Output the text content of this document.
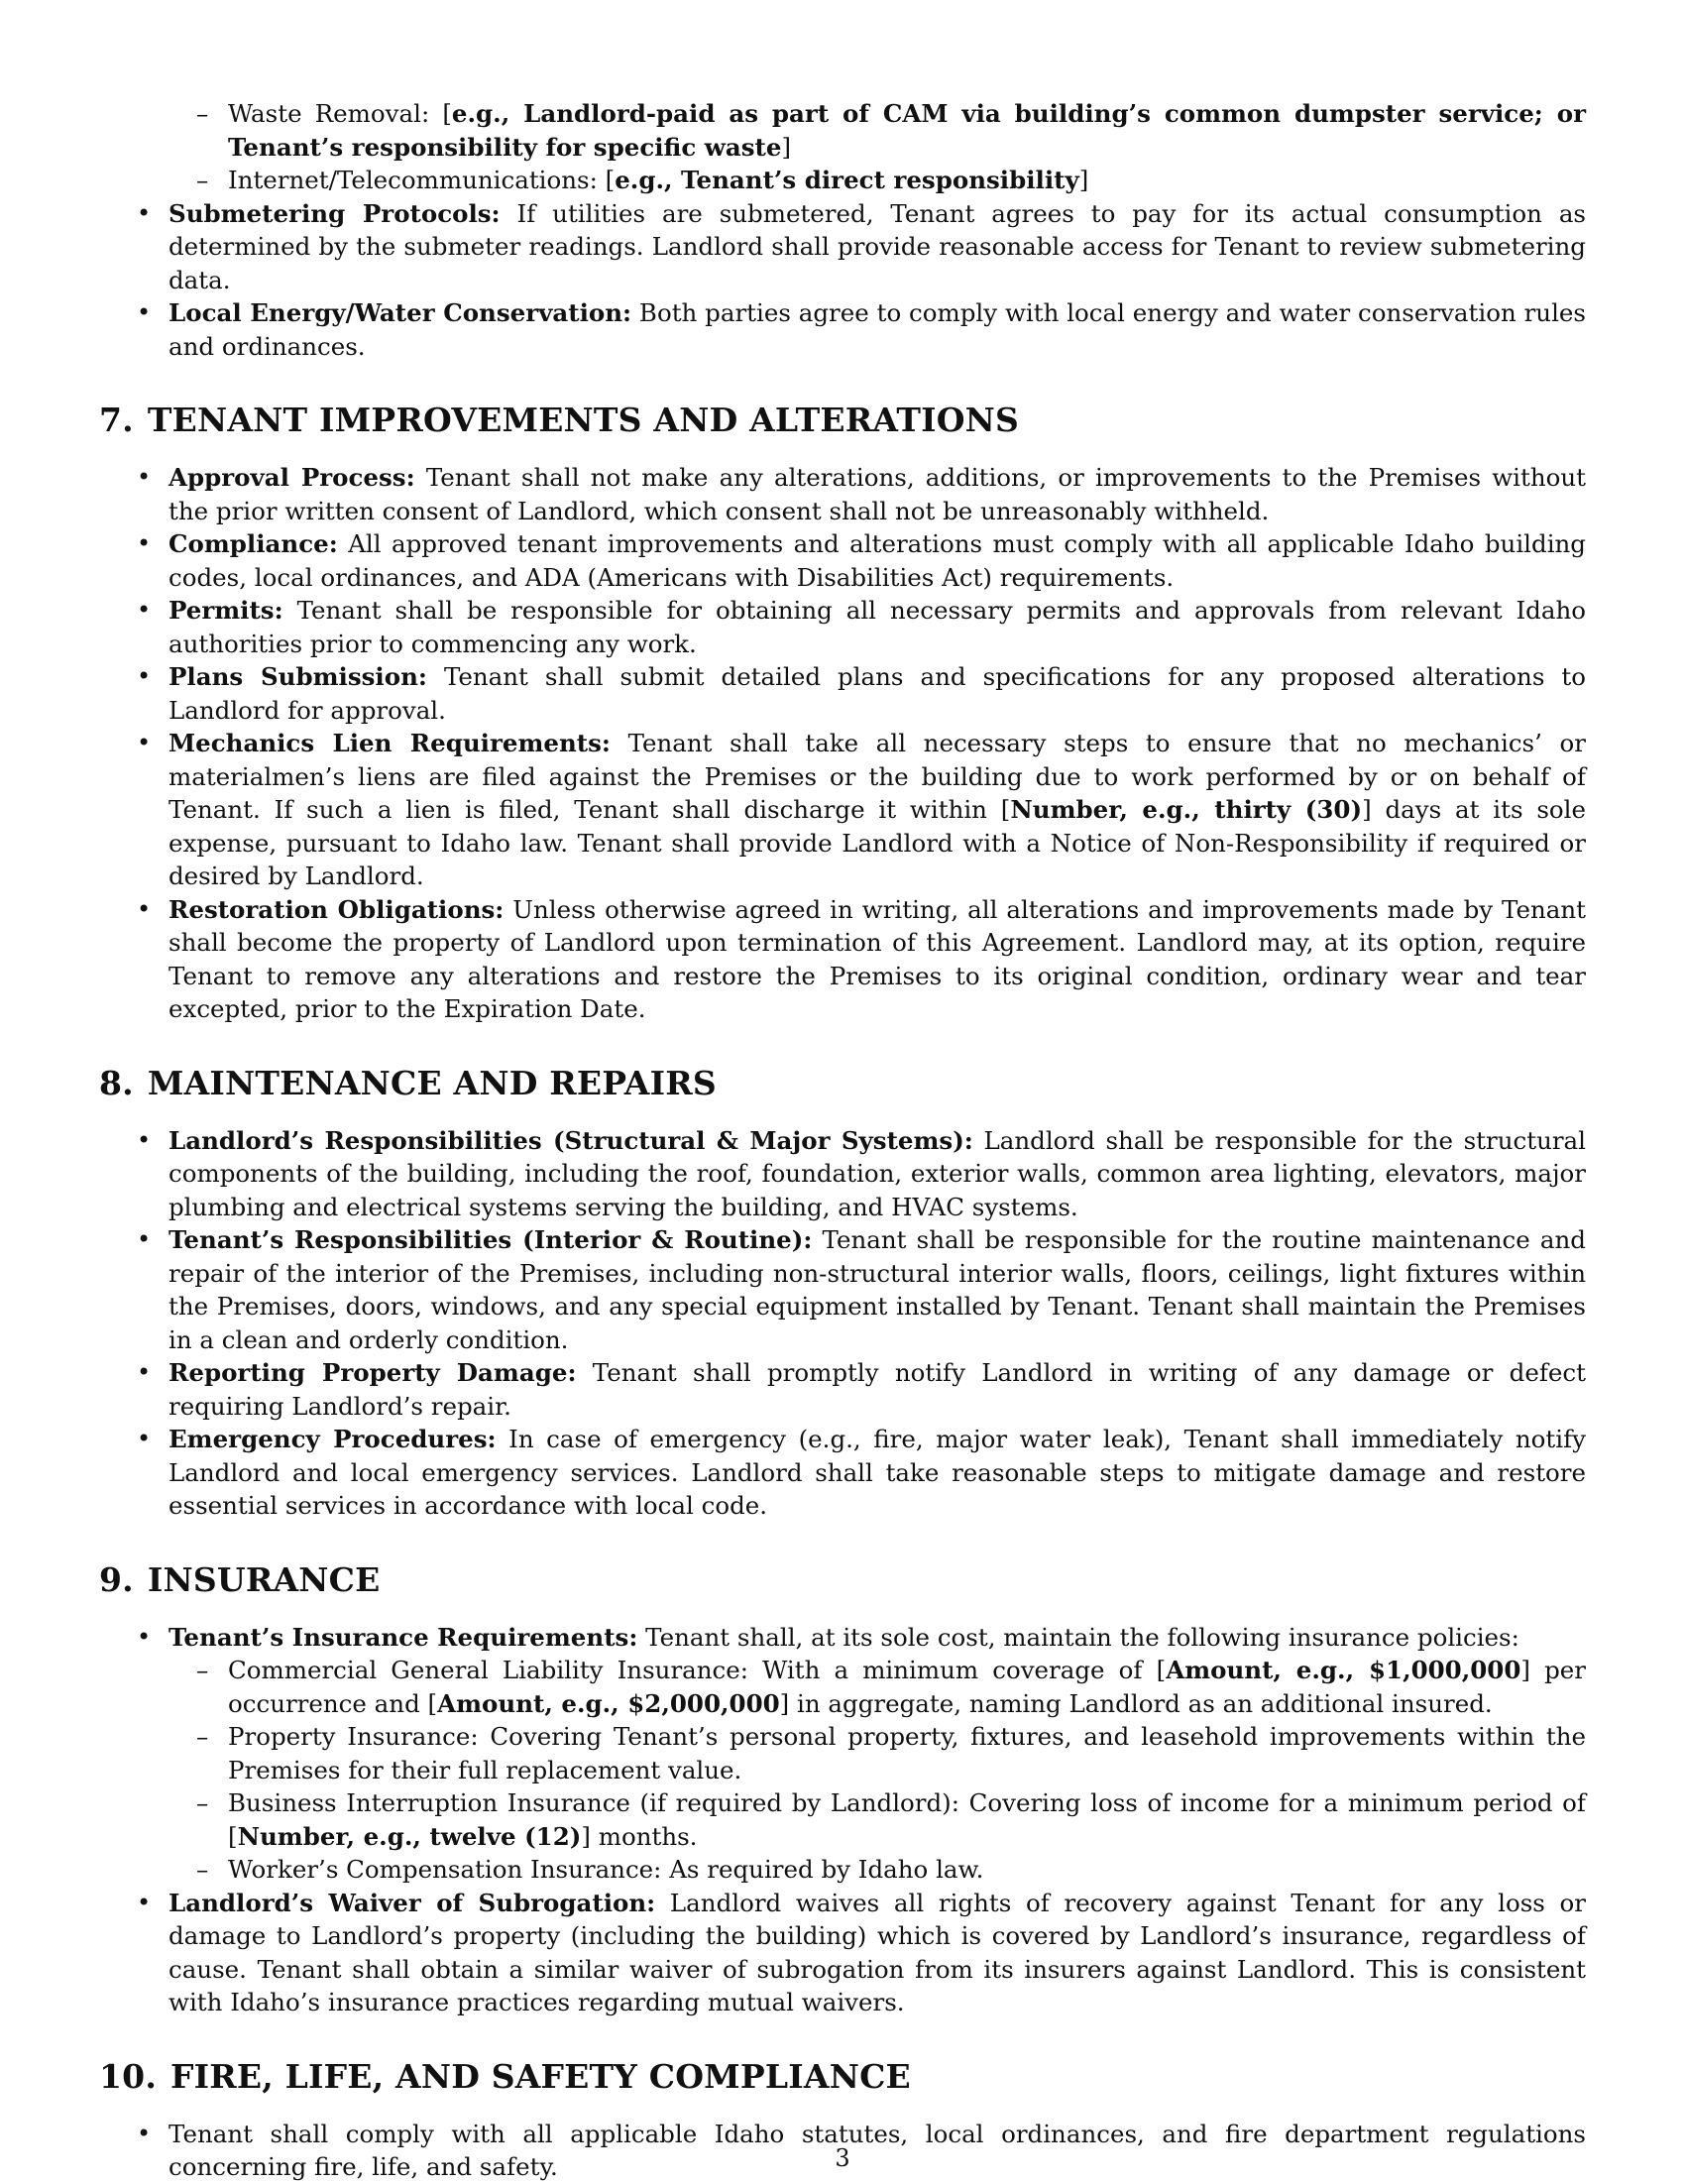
– Waste Removal: [e.g., Landlord-paid as part of CAM via building’s common dumpster service; or Tenant’s responsibility for specific waste]
– Internet/Telecommunications: [e.g., Tenant’s direct responsibility]
• Submetering Protocols: If utilities are submetered, Tenant agrees to pay for its actual consumption as determined by the submeter readings. Landlord shall provide reasonable access for Tenant to review submetering data.
• Local Energy/Water Conservation: Both parties agree to comply with local energy and water conservation rules and ordinances.
7. TENANT IMPROVEMENTS AND ALTERATIONS
• Approval Process: Tenant shall not make any alterations, additions, or improvements to the Premises without the prior written consent of Landlord, which consent shall not be unreasonably withheld.
• Compliance: All approved tenant improvements and alterations must comply with all applicable Idaho building codes, local ordinances, and ADA (Americans with Disabilities Act) requirements.
• Permits: Tenant shall be responsible for obtaining all necessary permits and approvals from relevant Idaho authorities prior to commencing any work.
• Plans Submission: Tenant shall submit detailed plans and specifications for any proposed alterations to Landlord for approval.
• Mechanics Lien Requirements: Tenant shall take all necessary steps to ensure that no mechanics’ or materialmen’s liens are filed against the Premises or the building due to work performed by or on behalf of Tenant. If such a lien is filed, Tenant shall discharge it within [Number, e.g., thirty (30)] days at its sole expense, pursuant to Idaho law. Tenant shall provide Landlord with a Notice of Non-Responsibility if required or desired by Landlord.
• Restoration Obligations: Unless otherwise agreed in writing, all alterations and improvements made by Tenant shall become the property of Landlord upon termination of this Agreement. Landlord may, at its option, require Tenant to remove any alterations and restore the Premises to its original condition, ordinary wear and tear excepted, prior to the Expiration Date.
8. MAINTENANCE AND REPAIRS
• Landlord’s Responsibilities (Structural & Major Systems): Landlord shall be responsible for the structural components of the building, including the roof, foundation, exterior walls, common area lighting, elevators, major plumbing and electrical systems serving the building, and HVAC systems.
• Tenant’s Responsibilities (Interior & Routine): Tenant shall be responsible for the routine maintenance and repair of the interior of the Premises, including non-structural interior walls, floors, ceilings, light fixtures within the Premises, doors, windows, and any special equipment installed by Tenant. Tenant shall maintain the Premises in a clean and orderly condition.
• Reporting Property Damage: Tenant shall promptly notify Landlord in writing of any damage or defect requiring Landlord’s repair.
• Emergency Procedures: In case of emergency (e.g., fire, major water leak), Tenant shall immediately notify Landlord and local emergency services. Landlord shall take reasonable steps to mitigate damage and restore essential services in accordance with local code.
9. INSURANCE
• Tenant’s Insurance Requirements: Tenant shall, at its sole cost, maintain the following insurance policies:
– Commercial General Liability Insurance: With a minimum coverage of [Amount, e.g., $1,000,000] per occurrence and [Amount, e.g., $2,000,000] in aggregate, naming Landlord as an additional insured.
– Property Insurance: Covering Tenant’s personal property, fixtures, and leasehold improvements within the Premises for their full replacement value.
– Business Interruption Insurance (if required by Landlord): Covering loss of income for a minimum period of [Number, e.g., twelve (12)] months.
– Worker’s Compensation Insurance: As required by Idaho law.
• Landlord’s Waiver of Subrogation: Landlord waives all rights of recovery against Tenant for any loss or damage to Landlord’s property (including the building) which is covered by Landlord’s insurance, regardless of cause. Tenant shall obtain a similar waiver of subrogation from its insurers against Landlord. This is consistent with Idaho’s insurance practices regarding mutual waivers.
10. FIRE, LIFE, AND SAFETY COMPLIANCE
• Tenant shall comply with all applicable Idaho statutes, local ordinances, and fire department regulations concerning fire, life, and safety.	3
